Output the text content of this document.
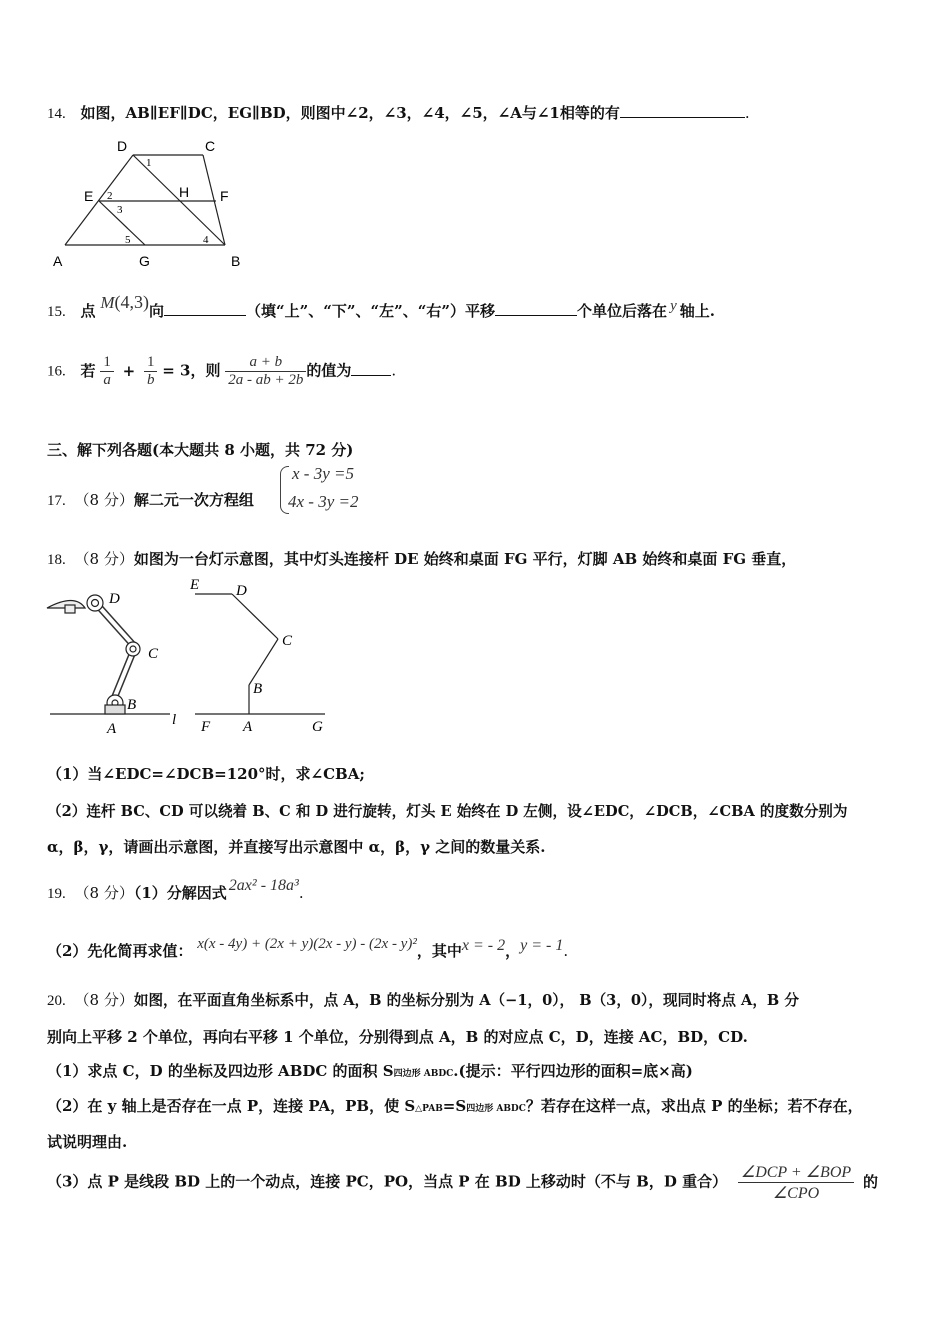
14. 如图，AB∥EF∥DC，EG∥BD，则图中∠2，∠3，∠4，∠5，∠A与∠1相等的有	.
D	C
E	F
H
A	G	B
1
2
3
4
5
15. 点 M(4,3)向	（填“上”、“下”、“左”、“右”）平移	个单位后落在 y 轴上.
16. 若 $\frac{1}{a} + \frac{1}{b} = 3$，则 $\frac{a + b}{2a - ab + 2b}$ 的值为	.
三、解下列各题(本大题共 8 小题，共 72 分)
17. （8 分）解二元一次方程组
x - 3y =5
4x - 3y =2
18. （8 分）如图为一台灯示意图，其中灯头连接杆 DE 始终和桌面 FG 平行，灯脚 AB 始终和桌面 FG 垂直，
D
C
B
A
l
E D
C
B
F A	G
（1）当∠EDC=∠DCB=120°时，求∠CBA;
（2）连杆 BC、CD 可以绕着 B、C 和 D 进行旋转，灯头 E 始终在 D 左侧，设∠EDC，∠DCB，∠CBA 的度数分别为
α，β，γ，请画出示意图，并直接写出示意图中 α，β，γ 之间的数量关系.
19. （8 分）（1）分解因式 2ax² - 18a³.
（2）先化简再求值： x(x - 4y) + (2x + y)(2x - y) - (2x - y)²，其中x = - 2，y = - 1.
20. （8 分）如图，在平面直角坐标系中，点 A，B 的坐标分别为 A（−1，0）， B（3，0），现同时将点 A，B 分
别向上平移 2 个单位，再向右平移 1 个单位，分别得到点 A，B 的对应点 C，D，连接 AC，BD，CD.
（1）求点 C，D 的坐标及四边形 ABDC 的面积 S四边形 ABDC.(提示：平行四边形的面积=底×高)
（2）在 y 轴上是否存在一点 P，连接 PA，PB，使 S△PAB=S四边形 ABDC？若存在这样一点，求出点 P 的坐标；若不存在，
试说明理由.
（3）点 P 是线段 BD 上的一个动点，连接 PC，PO，当点 P 在 BD 上移动时（不与 B，D 重合） $\frac{\text{∠DCP + ∠BOP}}{\text{∠CPO}}$ 的
